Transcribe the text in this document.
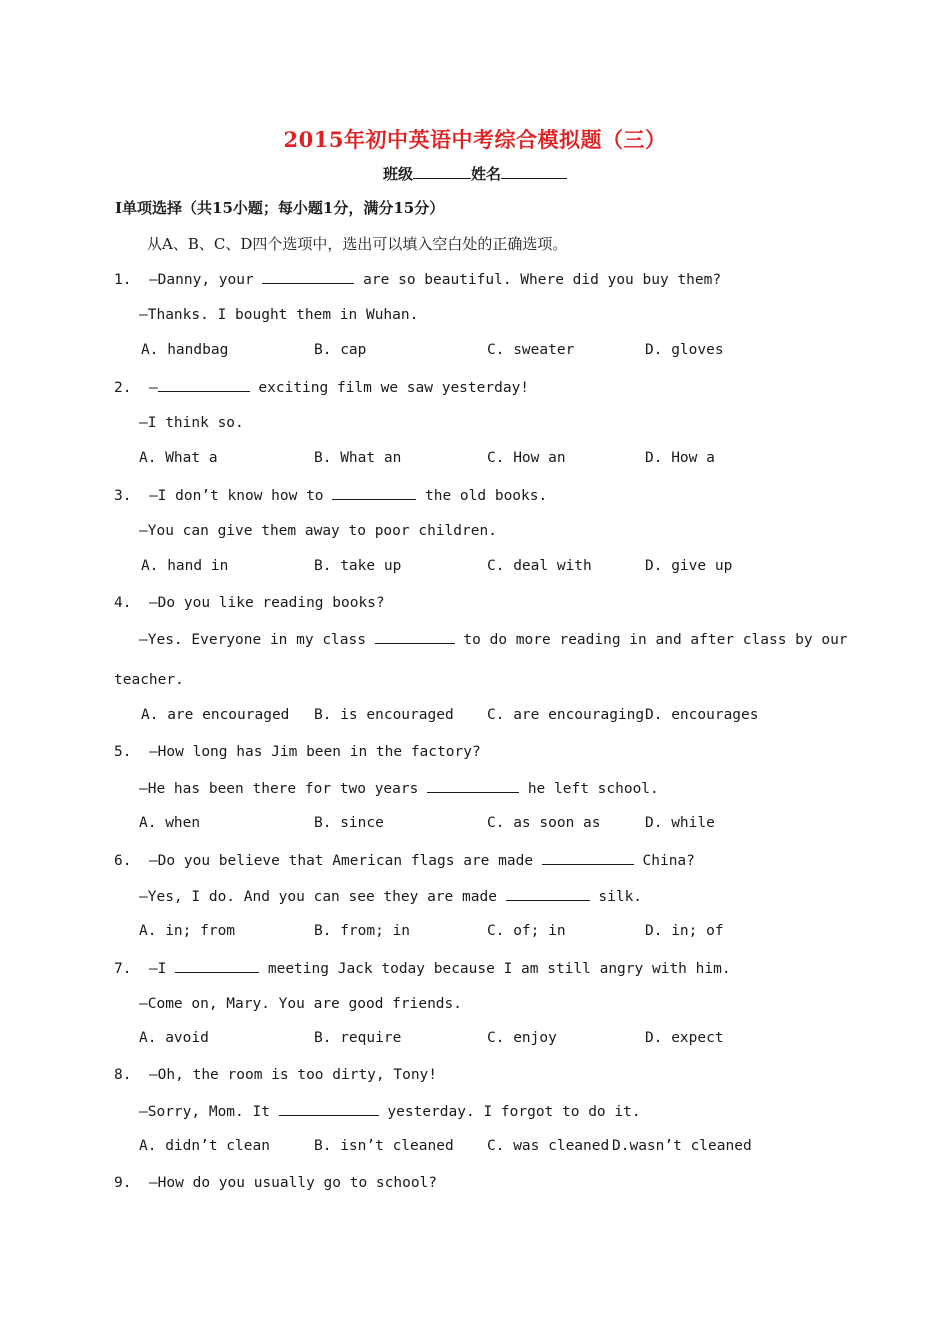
2015年初中英语中考综合模拟题（三）
班级	姓名
I单项选择（共15小题；每小题1分，满分15分）
从A、B、C、D四个选项中，选出可以填入空白处的正确选项。
1. —Danny, your	are so beautiful. Where did you buy them?
—Thanks. I bought them in Wuhan.
A. handbag	B. cap	C. sweater	D. gloves
2. —	exciting film we saw yesterday!
—I think so.
A. What a	B. What an	C. How an	D. How a
3. —I don’t know how to	the old books.
—You can give them away to poor children.
A. hand in	B. take up	C. deal with	D. give up
4. —Do you like reading books?
—Yes. Everyone in my class	to do more reading in and after class by our
teacher.
A. are encouraged B. is encouraged C. are encouraging D. encourages
5. —How long has Jim been in the factory?
—He has been there for two years	he left school.
A. when	B. since	C. as soon as	D. while
6. —Do you believe that American flags are made	China?
—Yes, I do. And you can see they are made	silk.
A. in; from	B. from; in	C. of; in	D. in; of
7. —I	meeting Jack today because I am still angry with him.
—Come on, Mary. You are good friends.
A. avoid	B. require	C. enjoy	D. expect
8. —Oh, the room is too dirty, Tony!
—Sorry, Mom. It	yesterday. I forgot to do it.
A. didn’t clean	B. isn’t cleaned C. was cleaned D.wasn’t cleaned
9. —How do you usually go to school?
